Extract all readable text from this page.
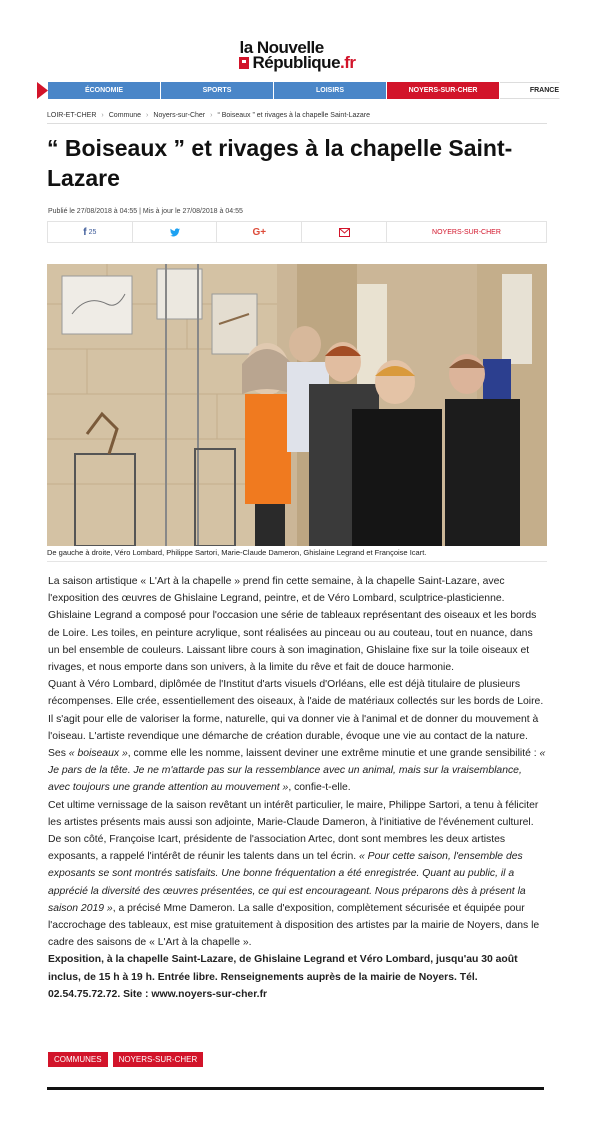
la Nouvelle
République .fr
ÉCONOMIE	SPORTS	LOISIRS	NOYERS-SUR-CHER	FRANCE
LOIR-ET-CHER › Commune › Noyers-sur-Cher › “ Boiseaux ” et rivages à la chapelle Saint-Lazare
“ Boiseaux ” et rivages à la chapelle Saint-Lazare
Publié le 27/08/2018 à 04:55 | Mis à jour le 27/08/2018 à 04:55
f 25	G+	NOYERS-SUR-CHER
De gauche à droite, Véro Lombard, Philippe Sartori, Marie-Claude Dameron, Ghislaine Legrand et Françoise Icart.

La saison artistique « L'Art à la chapelle » prend fin cette semaine, à la chapelle Saint-Lazare, avec l'exposition des œuvres de Ghislaine Legrand, peintre, et de Véro Lombard, sculptrice-plasticienne. Ghislaine Legrand a composé pour l'occasion une série de tableaux représentant des oiseaux et les bords de Loire. Les toiles, en peinture acrylique, sont réalisées au pinceau ou au couteau, tout en nuance, dans un bel ensemble de couleurs. Laissant libre cours à son imagination, Ghislaine fixe sur la toile oiseaux et rivages, et nous emporte dans son univers, à la limite du rêve et fait de douce harmonie.

Quant à Véro Lombard, diplômée de l'Institut d'arts visuels d'Orléans, elle est déjà titulaire de plusieurs récompenses. Elle crée, essentiellement des oiseaux, à l'aide de matériaux collectés sur les bords de Loire. Il s'agit pour elle de valoriser la forme, naturelle, qui va donner vie à l'animal et de donner du mouvement à l'oiseau. L'artiste revendique une démarche de création durable, évoque une vie au contact de la nature. Ses « boiseaux », comme elle les nomme, laissent deviner une extrême minutie et une grande sensibilité : « Je pars de la tête. Je ne m'attarde pas sur la ressemblance avec un animal, mais sur la vraisemblance, avec toujours une grande attention au mouvement », confie-t-elle.

Cet ultime vernissage de la saison revêtant un intérêt particulier, le maire, Philippe Sartori, a tenu à féliciter les artistes présents mais aussi son adjointe, Marie-Claude Dameron, à l'initiative de l'événement culturel. De son côté, Françoise Icart, présidente de l'association Artec, dont sont membres les deux artistes exposants, a rappelé l'intérêt de réunir les talents dans un tel écrin. « Pour cette saison, l'ensemble des exposants se sont montrés satisfaits. Une bonne fréquentation a été enregistrée. Quant au public, il a apprécié la diversité des œuvres présentées, ce qui est encourageant. Nous préparons dès à présent la saison 2019 », a précisé Mme Dameron. La salle d'exposition, complètement sécurisée et équipée pour l'accrochage des tableaux, est mise gratuitement à disposition des artistes par la mairie de Noyers, dans le cadre des saisons de « L'Art à la chapelle ».

Exposition, à la chapelle Saint-Lazare, de Ghislaine Legrand et Véro Lombard, jusqu'au 30 août inclus, de 15 h à 19 h. Entrée libre. Renseignements auprès de la mairie de Noyers. Tél. 02.54.75.72.72. Site : www.noyers-sur-cher.fr

COMMUNES	NOYERS-SUR-CHER
